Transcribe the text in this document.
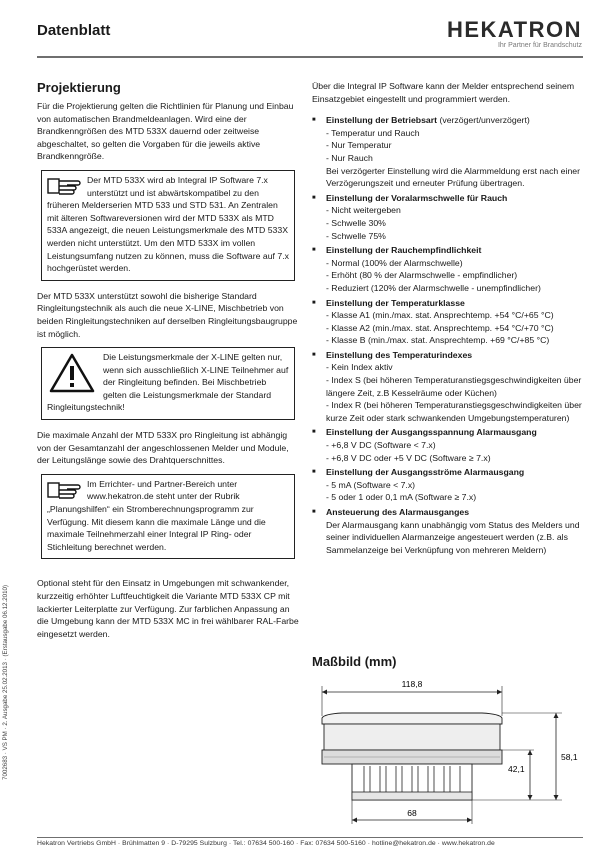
Datenblatt	HEKATRON
Ihr Partner für Brandschutz
Projektierung

Für die Projektierung gelten die Richtlinien für Planung und Einbau von automatischen Brandmeldeanlagen. Wird eine der Brandkenngrößen des MTD 533X dauernd oder zeitweise abgeschaltet, so gelten die Vorgaben für die jeweils aktive Brandkenngröße.

Der MTD 533X wird ab Integral IP Software 7.x unterstützt und ist abwärtskompatibel zu den früheren Melderserien MTD 533 und STD 531. An Zentralen mit älteren Softwareversionen wird der MTD 533X als MTD 533A angezeigt, die neuen Leistungsmerkmale des MTD 533X werden nicht unterstützt. Um den MTD 533X im vollen Leistungsumfang nutzen zu können, muss die Software auf 7.x hochgerüstet werden.

Der MTD 533X unterstützt sowohl die bisherige Standard Ringleitungstechnik als auch die neue X-LINE, Mischbetrieb von beiden Ringleitungstechniken auf derselben Ringleitungsbaugruppe ist möglich.

Die Leistungsmerkmale der X-LINE gelten nur, wenn sich ausschließlich X-LINE Teilnehmer auf der Ringleitung befinden. Bei Mischbetrieb gelten die Leistungsmerkmale der Standard Ringleitungstechnik!

Die maximale Anzahl der MTD 533X pro Ringleitung ist abhängig von der Gesamtanzahl der angeschlossenen Melder und Module, der Leitungslänge sowie des Drahtquerschnittes.

Im Errichter- und Partner-Bereich unter www.hekatron.de steht unter der Rubrik „Planungshilfen“ ein Stromberechnungsprogramm zur Verfügung. Mit diesem kann die maximale Länge und die maximale Teilnehmerzahl einer Integral IP Ring- oder Stichleitung berechnet werden.

Optional steht für den Einsatz in Umgebungen mit schwankender, kurzzeitig erhöhter Luftfeuchtigkeit die Variante MTD 533X CP mit lackierter Leiterplatte zur Verfügung. Zur farblichen Anpassung an die Umgebung kann der MTD 533X MC in frei wählbarer RAL-Farbe eingesetzt werden.

Über die Integral IP Software kann der Melder entsprechend seinem Einsatzgebiet eingestellt und programmiert werden.

■ Einstellung der Betriebsart (verzögert/unverzögert)
- Temperatur und Rauch
- Nur Temperatur
- Nur Rauch
Bei verzögerter Einstellung wird die Alarmmeldung erst nach einer Verzögerungszeit und erneuter Prüfung übertragen.
■ Einstellung der Voralarmschwelle für Rauch
- Nicht weitergeben
- Schwelle 30%
- Schwelle 75%
■ Einstellung der Rauchempfindlichkeit
- Normal (100% der Alarmschwelle)
- Erhöht (80 % der Alarmschwelle - empfindlicher)
- Reduziert (120% der Alarmschwelle - unempfindlicher)
■ Einstellung der Temperaturklasse
- Klasse A1 (min./max. stat. Ansprechtemp. +54 °C/+65 °C)
- Klasse A2 (min./max. stat. Ansprechtemp. +54 °C/+70 °C)
- Klasse B (min./max. stat. Ansprechtemp. +69 °C/+85 °C)
■ Einstellung des Temperaturindexes
- Kein Index aktiv
- Index S (bei höheren Temperaturanstiegsgeschwindigkeiten über längere Zeit, z.B Kesselräume oder Küchen)
- Index R (bei höheren Temperaturanstiegsgeschwindigkeiten über kurze Zeit oder stark schwankenden Umgebungstemperaturen)
■ Einstellung der Ausgangsspannung Alarmausgang
- +6,8 V DC (Software < 7.x)
- +6,8 V DC oder +5 V DC (Software ≥ 7.x)
■ Einstellung der Ausgangsströme Alarmausgang
- 5 mA (Software < 7.x)
- 5 oder 1 oder 0,1 mA (Software ≥ 7.x)
■ Ansteuerung des Alarmausganges
Der Alarmausgang kann unabhängig vom Status des Melders und seiner individuellen Alarmanzeige angesteuert werden (z.B. als Sammelanzeige bei Verknüpfung von mehreren Meldern)
Maßbild (mm)
118,8
58,1
42,1
68
7002683 · VS PM · 2. Ausgabe 25.02.2013 · (Erstausgabe 06.12.2010)
Hekatron Vertriebs GmbH · Brühlmatten 9 · D-79295 Sulzburg · Tel.: 07634 500-160 · Fax: 07634 500-5160 · hotline@hekatron.de · www.hekatron.de
